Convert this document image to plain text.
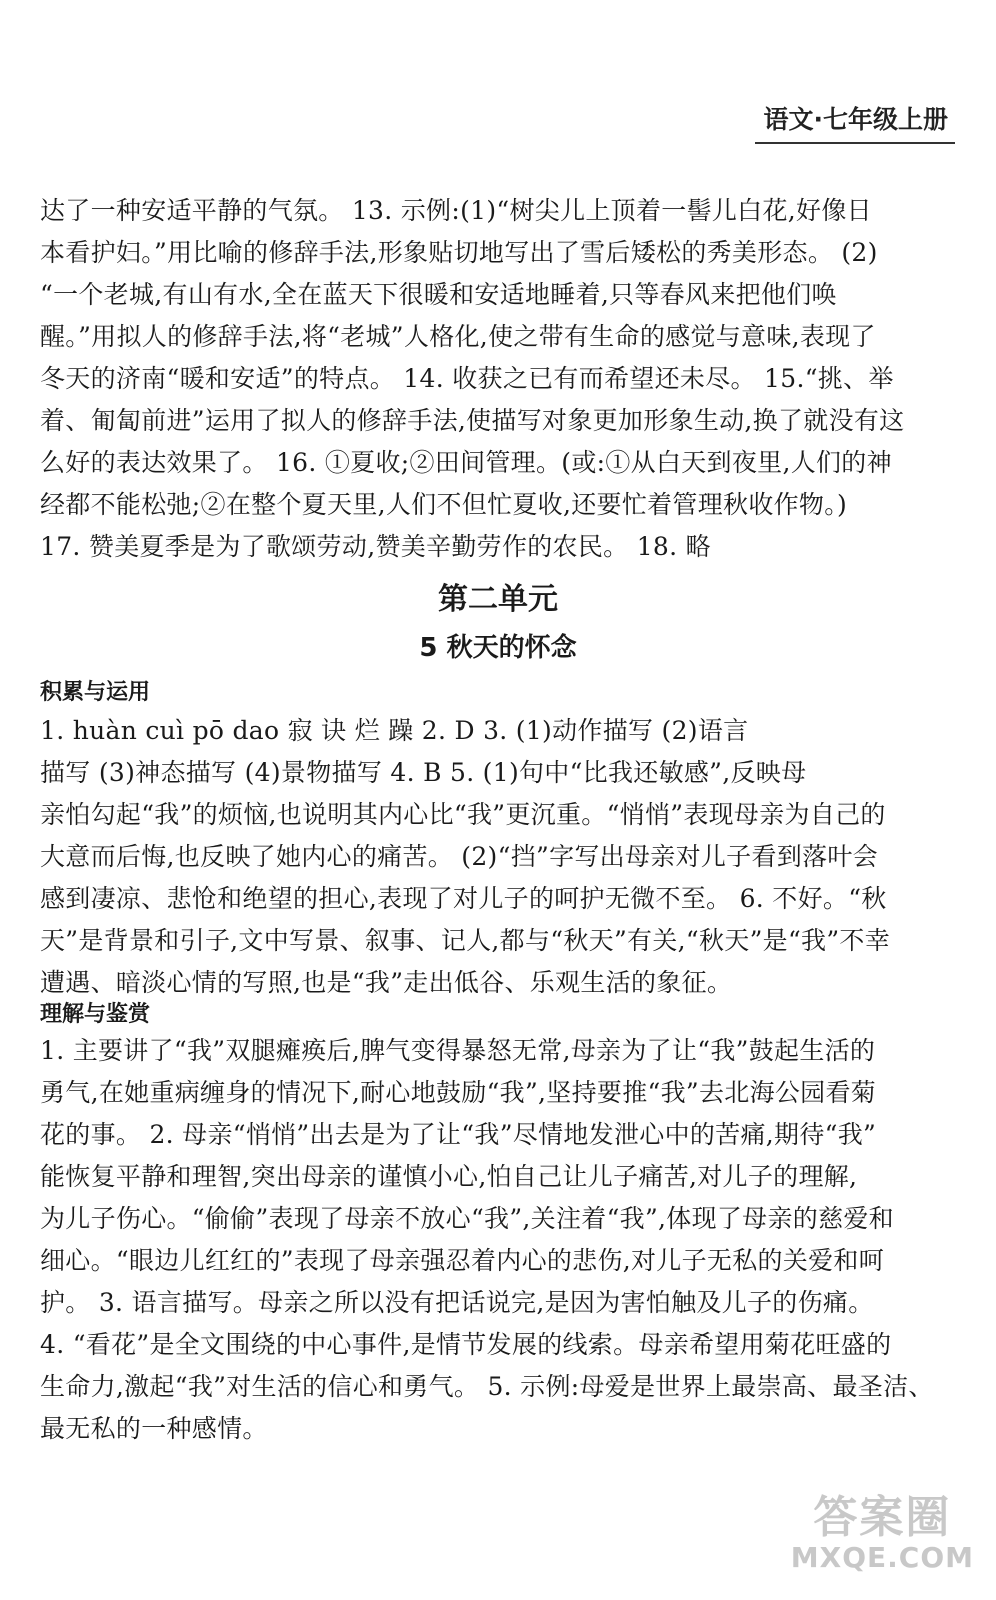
语文·七年级上册
达了一种安适平静的气氛。 13. 示例:(1)“树尖儿上顶着一髻儿白花,好像日
本看护妇。”用比喻的修辞手法,形象贴切地写出了雪后矮松的秀美形态。 (2)
“一个老城,有山有水,全在蓝天下很暖和安适地睡着,只等春风来把他们唤
醒。”用拟人的修辞手法,将“老城”人格化,使之带有生命的感觉与意味,表现了
冬天的济南“暖和安适”的特点。 14. 收获之已有而希望还未尽。 15.“挑、举
着、匍匐前进”运用了拟人的修辞手法,使描写对象更加形象生动,换了就没有这
么好的表达效果了。 16. ①夏收;②田间管理。(或:①从白天到夜里,人们的神
经都不能松弛;②在整个夏天里,人们不但忙夏收,还要忙着管理秋收作物。)
17. 赞美夏季是为了歌颂劳动,赞美辛勤劳作的农民。 18. 略
第二单元
5 秋天的怀念
积累与运用
1. huàn cuì pō dao 寂 诀 烂 躁 2. D 3. (1)动作描写 (2)语言
描写 (3)神态描写 (4)景物描写 4. B 5. (1)句中“比我还敏感”,反映母
亲怕勾起“我”的烦恼,也说明其内心比“我”更沉重。“悄悄”表现母亲为自己的
大意而后悔,也反映了她内心的痛苦。 (2)“挡”字写出母亲对儿子看到落叶会
感到凄凉、悲怆和绝望的担心,表现了对儿子的呵护无微不至。 6. 不好。“秋
天”是背景和引子,文中写景、叙事、记人,都与“秋天”有关,“秋天”是“我”不幸
遭遇、暗淡心情的写照,也是“我”走出低谷、乐观生活的象征。
理解与鉴赏
1. 主要讲了“我”双腿瘫痪后,脾气变得暴怒无常,母亲为了让“我”鼓起生活的
勇气,在她重病缠身的情况下,耐心地鼓励“我”,坚持要推“我”去北海公园看菊
花的事。 2. 母亲“悄悄”出去是为了让“我”尽情地发泄心中的苦痛,期待“我”
能恢复平静和理智,突出母亲的谨慎小心,怕自己让儿子痛苦,对儿子的理解,
为儿子伤心。“偷偷”表现了母亲不放心“我”,关注着“我”,体现了母亲的慈爱和
细心。“眼边儿红红的”表现了母亲强忍着内心的悲伤,对儿子无私的关爱和呵
护。 3. 语言描写。母亲之所以没有把话说完,是因为害怕触及儿子的伤痛。
4. “看花”是全文围绕的中心事件,是情节发展的线索。母亲希望用菊花旺盛的
生命力,激起“我”对生活的信心和勇气。 5. 示例:母爱是世界上最崇高、最圣洁、
最无私的一种感情。
答案圈
MXQE.COM
